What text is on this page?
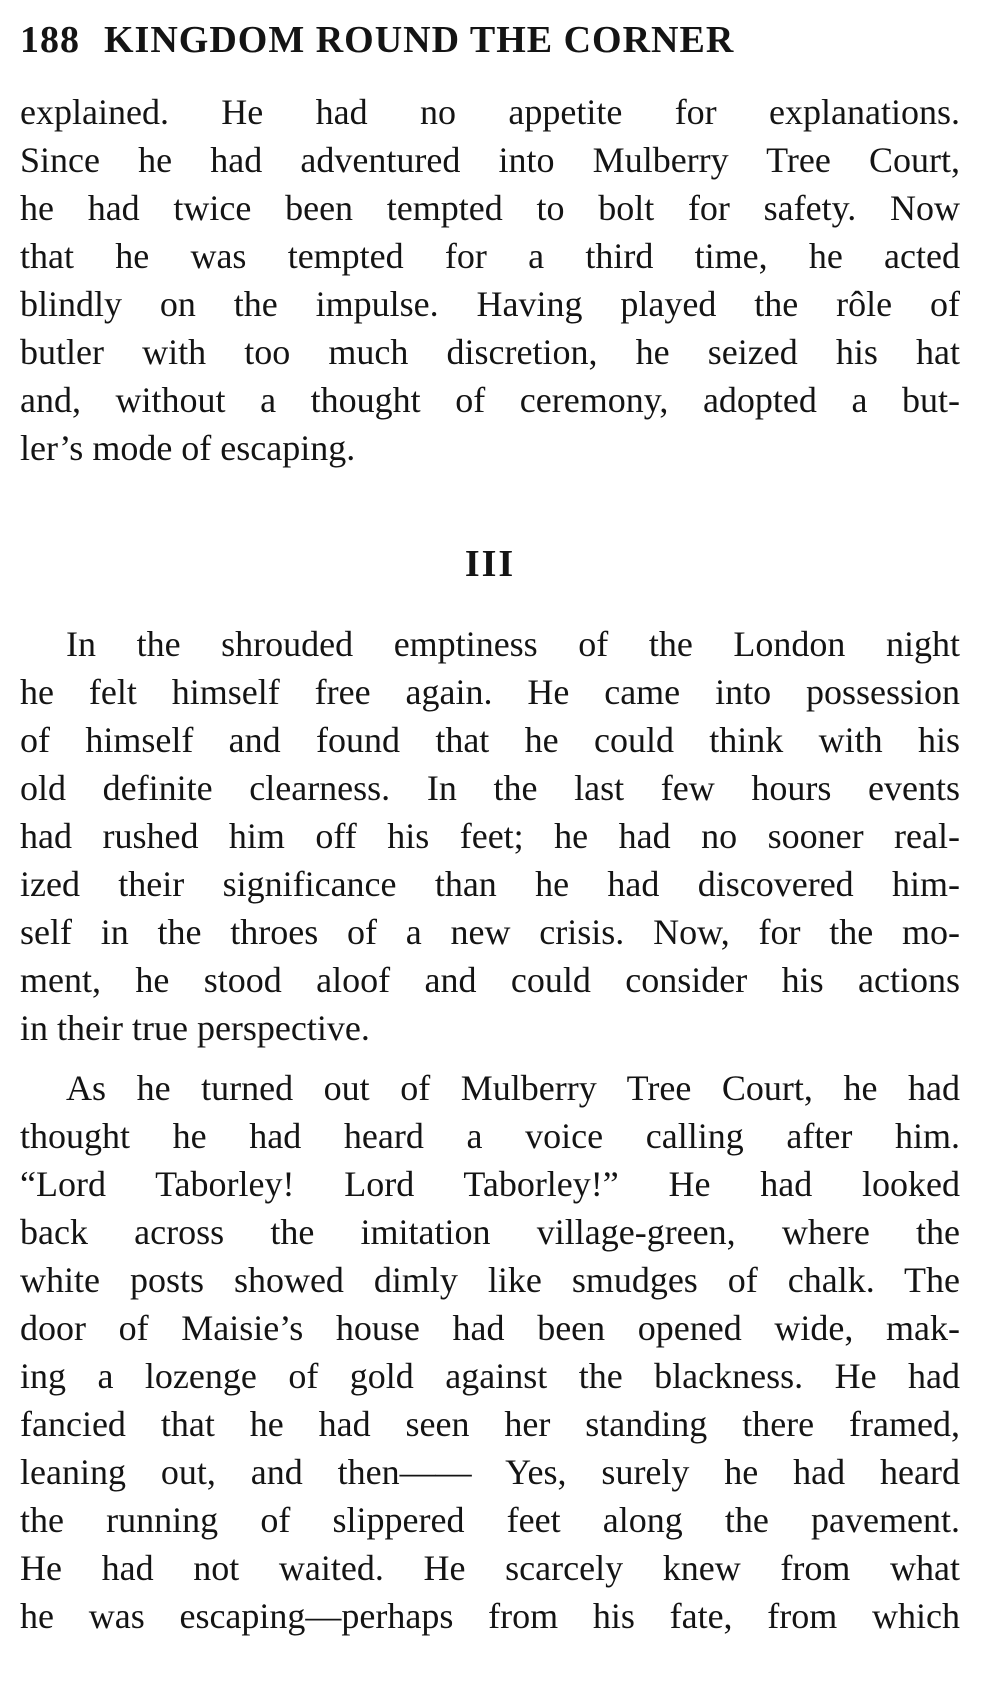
188 KINGDOM ROUND THE CORNER
explained. He had no appetite for explanations.
Since he had adventured into Mulberry Tree Court,
he had twice been tempted to bolt for safety. Now
that he was tempted for a third time, he acted
blindly on the impulse. Having played the rôle of
butler with too much discretion, he seized his hat
and, without a thought of ceremony, adopted a but-
ler’s mode of escaping.
III
In the shrouded emptiness of the London night
he felt himself free again. He came into possession
of himself and found that he could think with his
old definite clearness. In the last few hours events
had rushed him off his feet; he had no sooner real-
ized their significance than he had discovered him-
self in the throes of a new crisis. Now, for the mo-
ment, he stood aloof and could consider his actions
in their true perspective.
As he turned out of Mulberry Tree Court, he had
thought he had heard a voice calling after him.
“Lord Taborley! Lord Taborley!” He had looked
back across the imitation village-green, where the
white posts showed dimly like smudges of chalk. The
door of Maisie’s house had been opened wide, mak-
ing a lozenge of gold against the blackness. He had
fancied that he had seen her standing there framed,
leaning out, and then—— Yes, surely he had heard
the running of slippered feet along the pavement.
He had not waited. He scarcely knew from what
he was escaping—perhaps from his fate, from which
